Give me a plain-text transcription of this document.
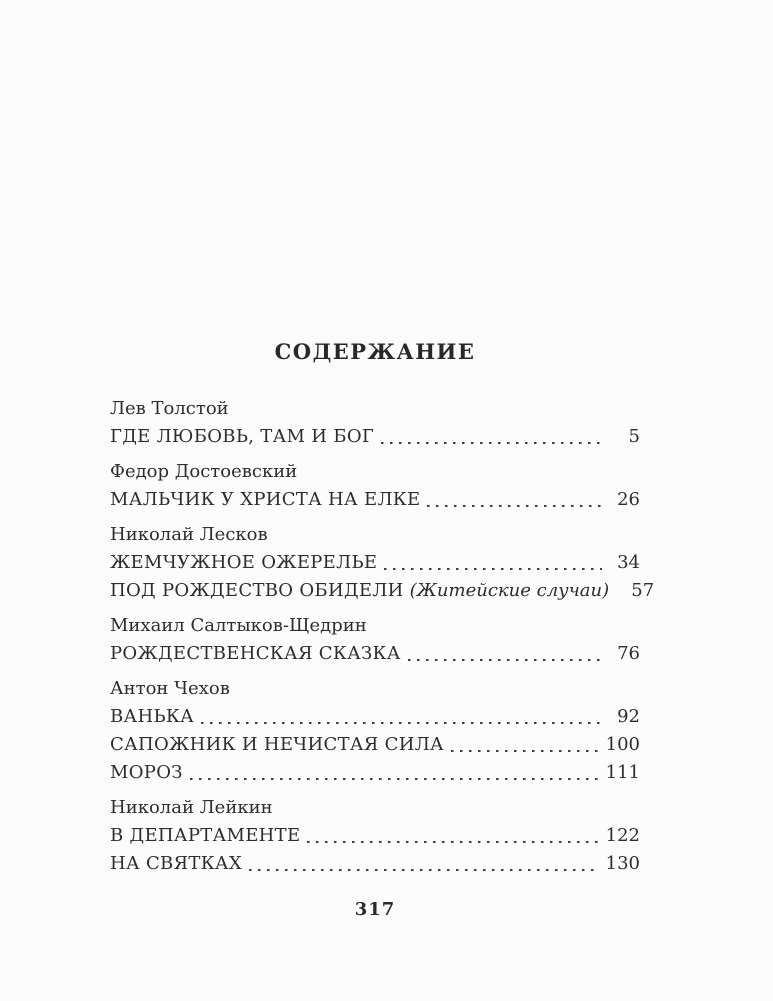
СОДЕРЖАНИЕ
Лев Толстой
ГДЕ ЛЮБОВЬ, ТАМ И БОГ	5
Федор Достоевский
МАЛЬЧИК У ХРИСТА НА ЕЛКЕ	26
Николай Лесков
ЖЕМЧУЖНОЕ ОЖЕРЕЛЬЕ	34
ПОД РОЖДЕСТВО ОБИДЕЛИ (Житейские случаи)	57
Михаил Салтыков-Щедрин
РОЖДЕСТВЕНСКАЯ СКАЗКА	76
Антон Чехов
ВАНЬКА	92
САПОЖНИК И НЕЧИСТАЯ СИЛА	100
МОРОЗ	111
Николай Лейкин
В ДЕПАРТАМЕНТЕ	122
НА СВЯТКАХ	130
317
